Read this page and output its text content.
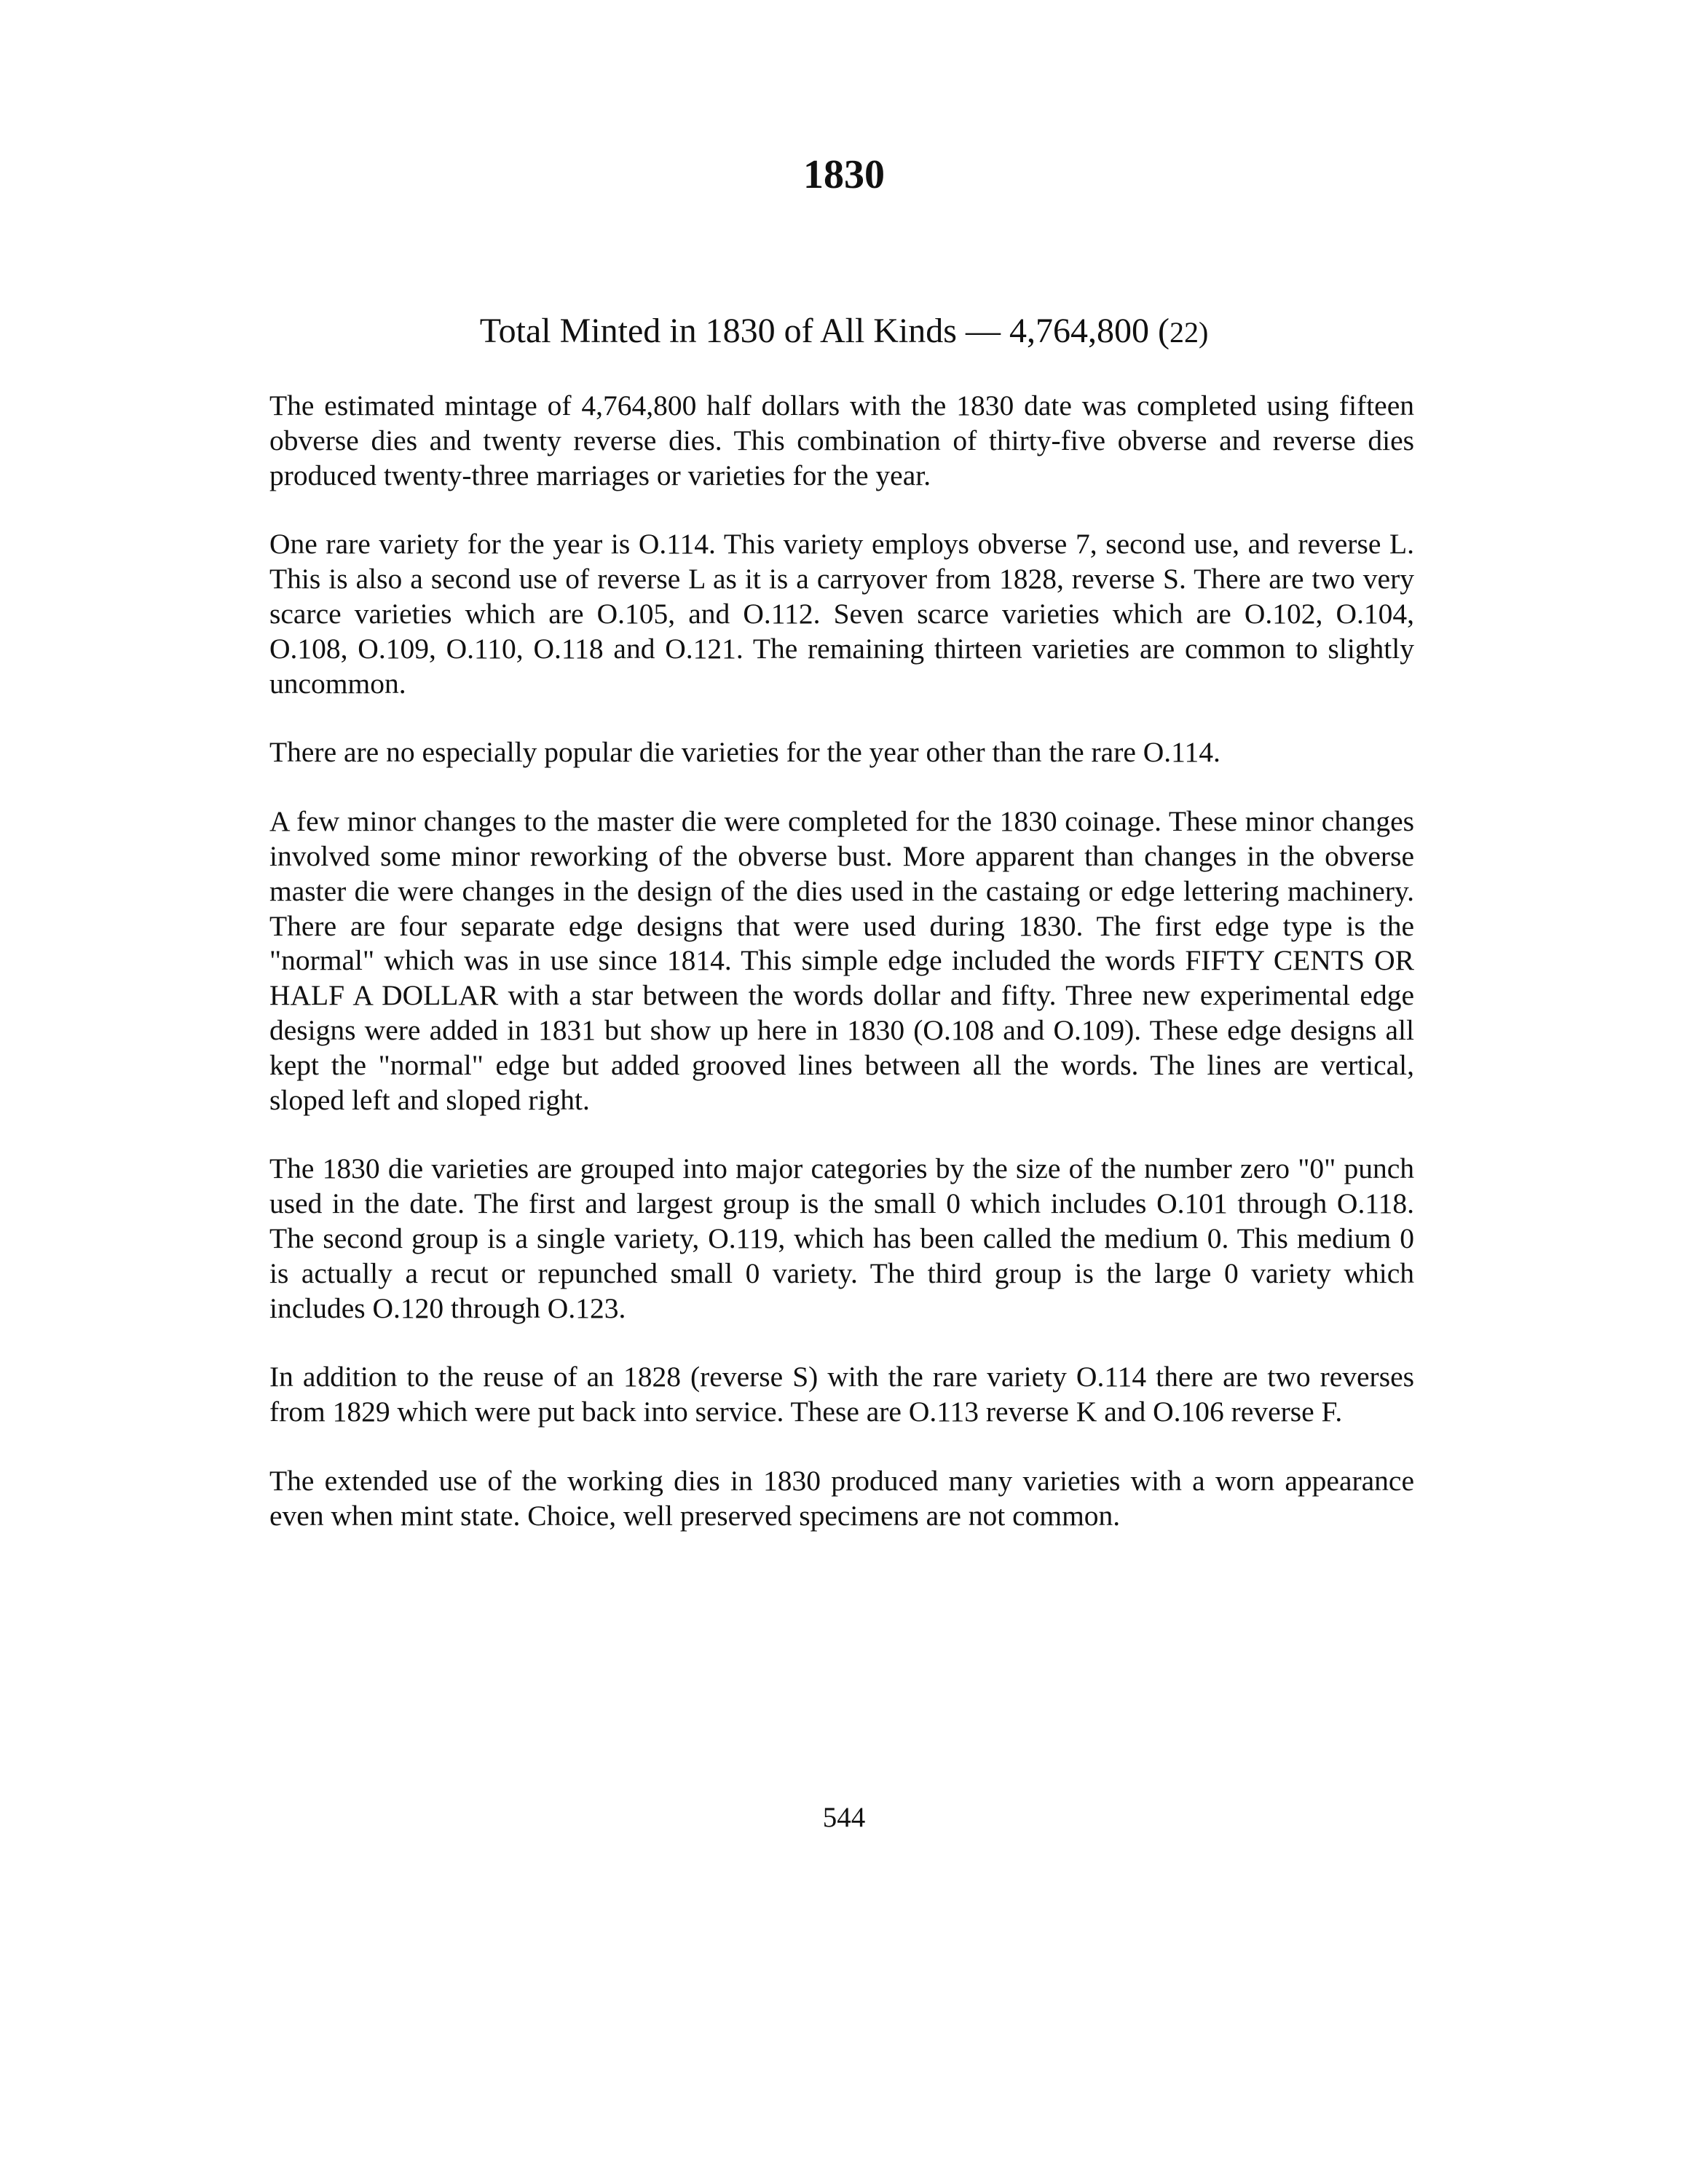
1830
Total Minted in 1830 of All Kinds — 4,764,800 (22)

The estimated mintage of 4,764,800 half dollars with the 1830 date was completed using fifteen obverse dies and twenty reverse dies. This combination of thirty-five obverse and reverse dies produced twenty-three marriages or varieties for the year.

One rare variety for the year is O.114. This variety employs obverse 7, second use, and reverse L. This is also a second use of reverse L as it is a carryover from 1828, reverse S. There are two very scarce varieties which are O.105, and O.112. Seven scarce varieties which are O.102, O.104, O.108, O.109, O.110, O.118 and O.121. The remaining thirteen varieties are common to slightly uncommon.

There are no especially popular die varieties for the year other than the rare O.114.

A few minor changes to the master die were completed for the 1830 coinage. These minor changes involved some minor reworking of the obverse bust. More apparent than changes in the obverse master die were changes in the design of the dies used in the castaing or edge lettering machinery. There are four separate edge designs that were used during 1830. The first edge type is the "normal" which was in use since 1814. This simple edge included the words FIFTY CENTS OR HALF A DOLLAR with a star between the words dollar and fifty. Three new experimental edge designs were added in 1831 but show up here in 1830 (O.108 and O.109). These edge designs all kept the "normal" edge but added grooved lines between all the words. The lines are vertical, sloped left and sloped right.

The 1830 die varieties are grouped into major categories by the size of the number zero "0" punch used in the date. The first and largest group is the small 0 which includes O.101 through O.118. The second group is a single variety, O.119, which has been called the medium 0. This medium 0 is actually a recut or repunched small 0 variety. The third group is the large 0 variety which includes O.120 through O.123.

In addition to the reuse of an 1828 (reverse S) with the rare variety O.114 there are two reverses from 1829 which were put back into service. These are O.113 reverse K and O.106 reverse F.

The extended use of the working dies in 1830 produced many varieties with a worn appearance even when mint state. Choice, well preserved specimens are not common.

544
